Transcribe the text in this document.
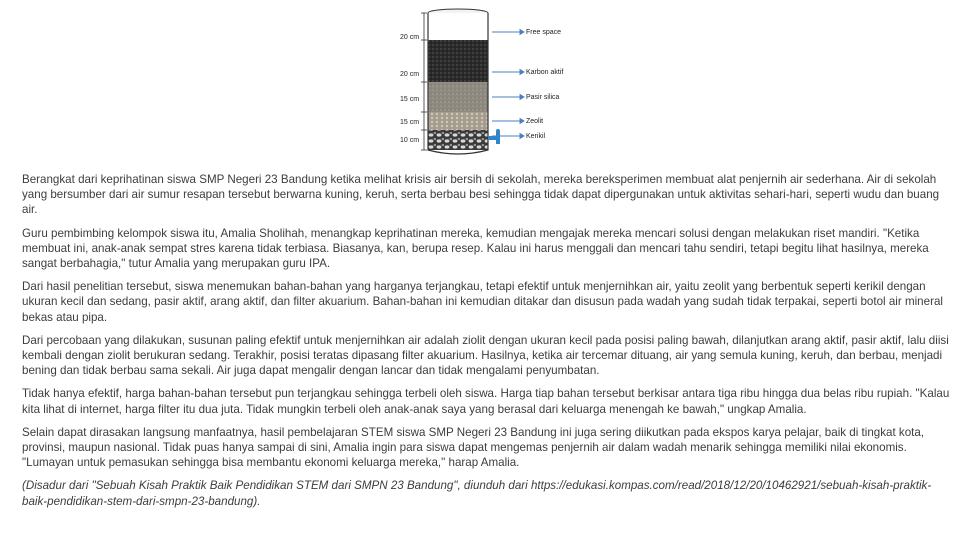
20 cm
20 cm
15 cm
15 cm
10 cm
Free space
Karbon aktif
Pasir silica
Zeolit
Kerikil

Berangkat dari keprihatinan siswa SMP Negeri 23 Bandung ketika melihat krisis air bersih di sekolah, mereka bereksperimen membuat alat penjernih air sederhana. Air di sekolah yang bersumber dari air sumur resapan tersebut berwarna kuning, keruh, serta berbau besi sehingga tidak dapat dipergunakan untuk aktivitas sehari-hari, seperti wudu dan buang air.

Guru pembimbing kelompok siswa itu, Amalia Sholihah, menangkap keprihatinan mereka, kemudian mengajak mereka mencari solusi dengan melakukan riset mandiri. "Ketika membuat ini, anak-anak sempat stres karena tidak terbiasa. Biasanya, kan, berupa resep. Kalau ini harus menggali dan mencari tahu sendiri, tetapi begitu lihat hasilnya, mereka sangat berbahagia," tutur Amalia yang merupakan guru IPA.

Dari hasil penelitian tersebut, siswa menemukan bahan-bahan yang harganya terjangkau, tetapi efektif untuk menjernihkan air, yaitu zeolit yang berbentuk seperti kerikil dengan ukuran kecil dan sedang, pasir aktif, arang aktif, dan filter akuarium. Bahan-bahan ini kemudian ditakar dan disusun pada wadah yang sudah tidak terpakai, seperti botol air mineral bekas atau pipa.

Dari percobaan yang dilakukan, susunan paling efektif untuk menjernihkan air adalah ziolit dengan ukuran kecil pada posisi paling bawah, dilanjutkan arang aktif, pasir aktif, lalu diisi kembali dengan ziolit berukuran sedang. Terakhir, posisi teratas dipasang filter akuarium. Hasilnya, ketika air tercemar dituang, air yang semula kuning, keruh, dan berbau, menjadi bening dan tidak berbau sama sekali. Air juga dapat mengalir dengan lancar dan tidak mengalami penyumbatan.

Tidak hanya efektif, harga bahan-bahan tersebut pun terjangkau sehingga terbeli oleh siswa. Harga tiap bahan tersebut berkisar antara tiga ribu hingga dua belas ribu rupiah. "Kalau kita lihat di internet, harga filter itu dua juta. Tidak mungkin terbeli oleh anak-anak saya yang berasal dari keluarga menengah ke bawah," ungkap Amalia.

Selain dapat dirasakan langsung manfaatnya, hasil pembelajaran STEM siswa SMP Negeri 23 Bandung ini juga sering diikutkan pada ekspos karya pelajar, baik di tingkat kota, provinsi, maupun nasional. Tidak puas hanya sampai di sini, Amalia ingin para siswa dapat mengemas penjernih air dalam wadah menarik sehingga memiliki nilai ekonomis. "Lumayan untuk pemasukan sehingga bisa membantu ekonomi keluarga mereka," harap Amalia.

(Disadur dari "Sebuah Kisah Praktik Baik Pendidikan STEM dari SMPN 23 Bandung", diunduh dari https://edukasi.kompas.com/read/2018/12/20/10462921/sebuah-kisah-praktik-baik-pendidikan-stem-dari-smpn-23-bandung).
